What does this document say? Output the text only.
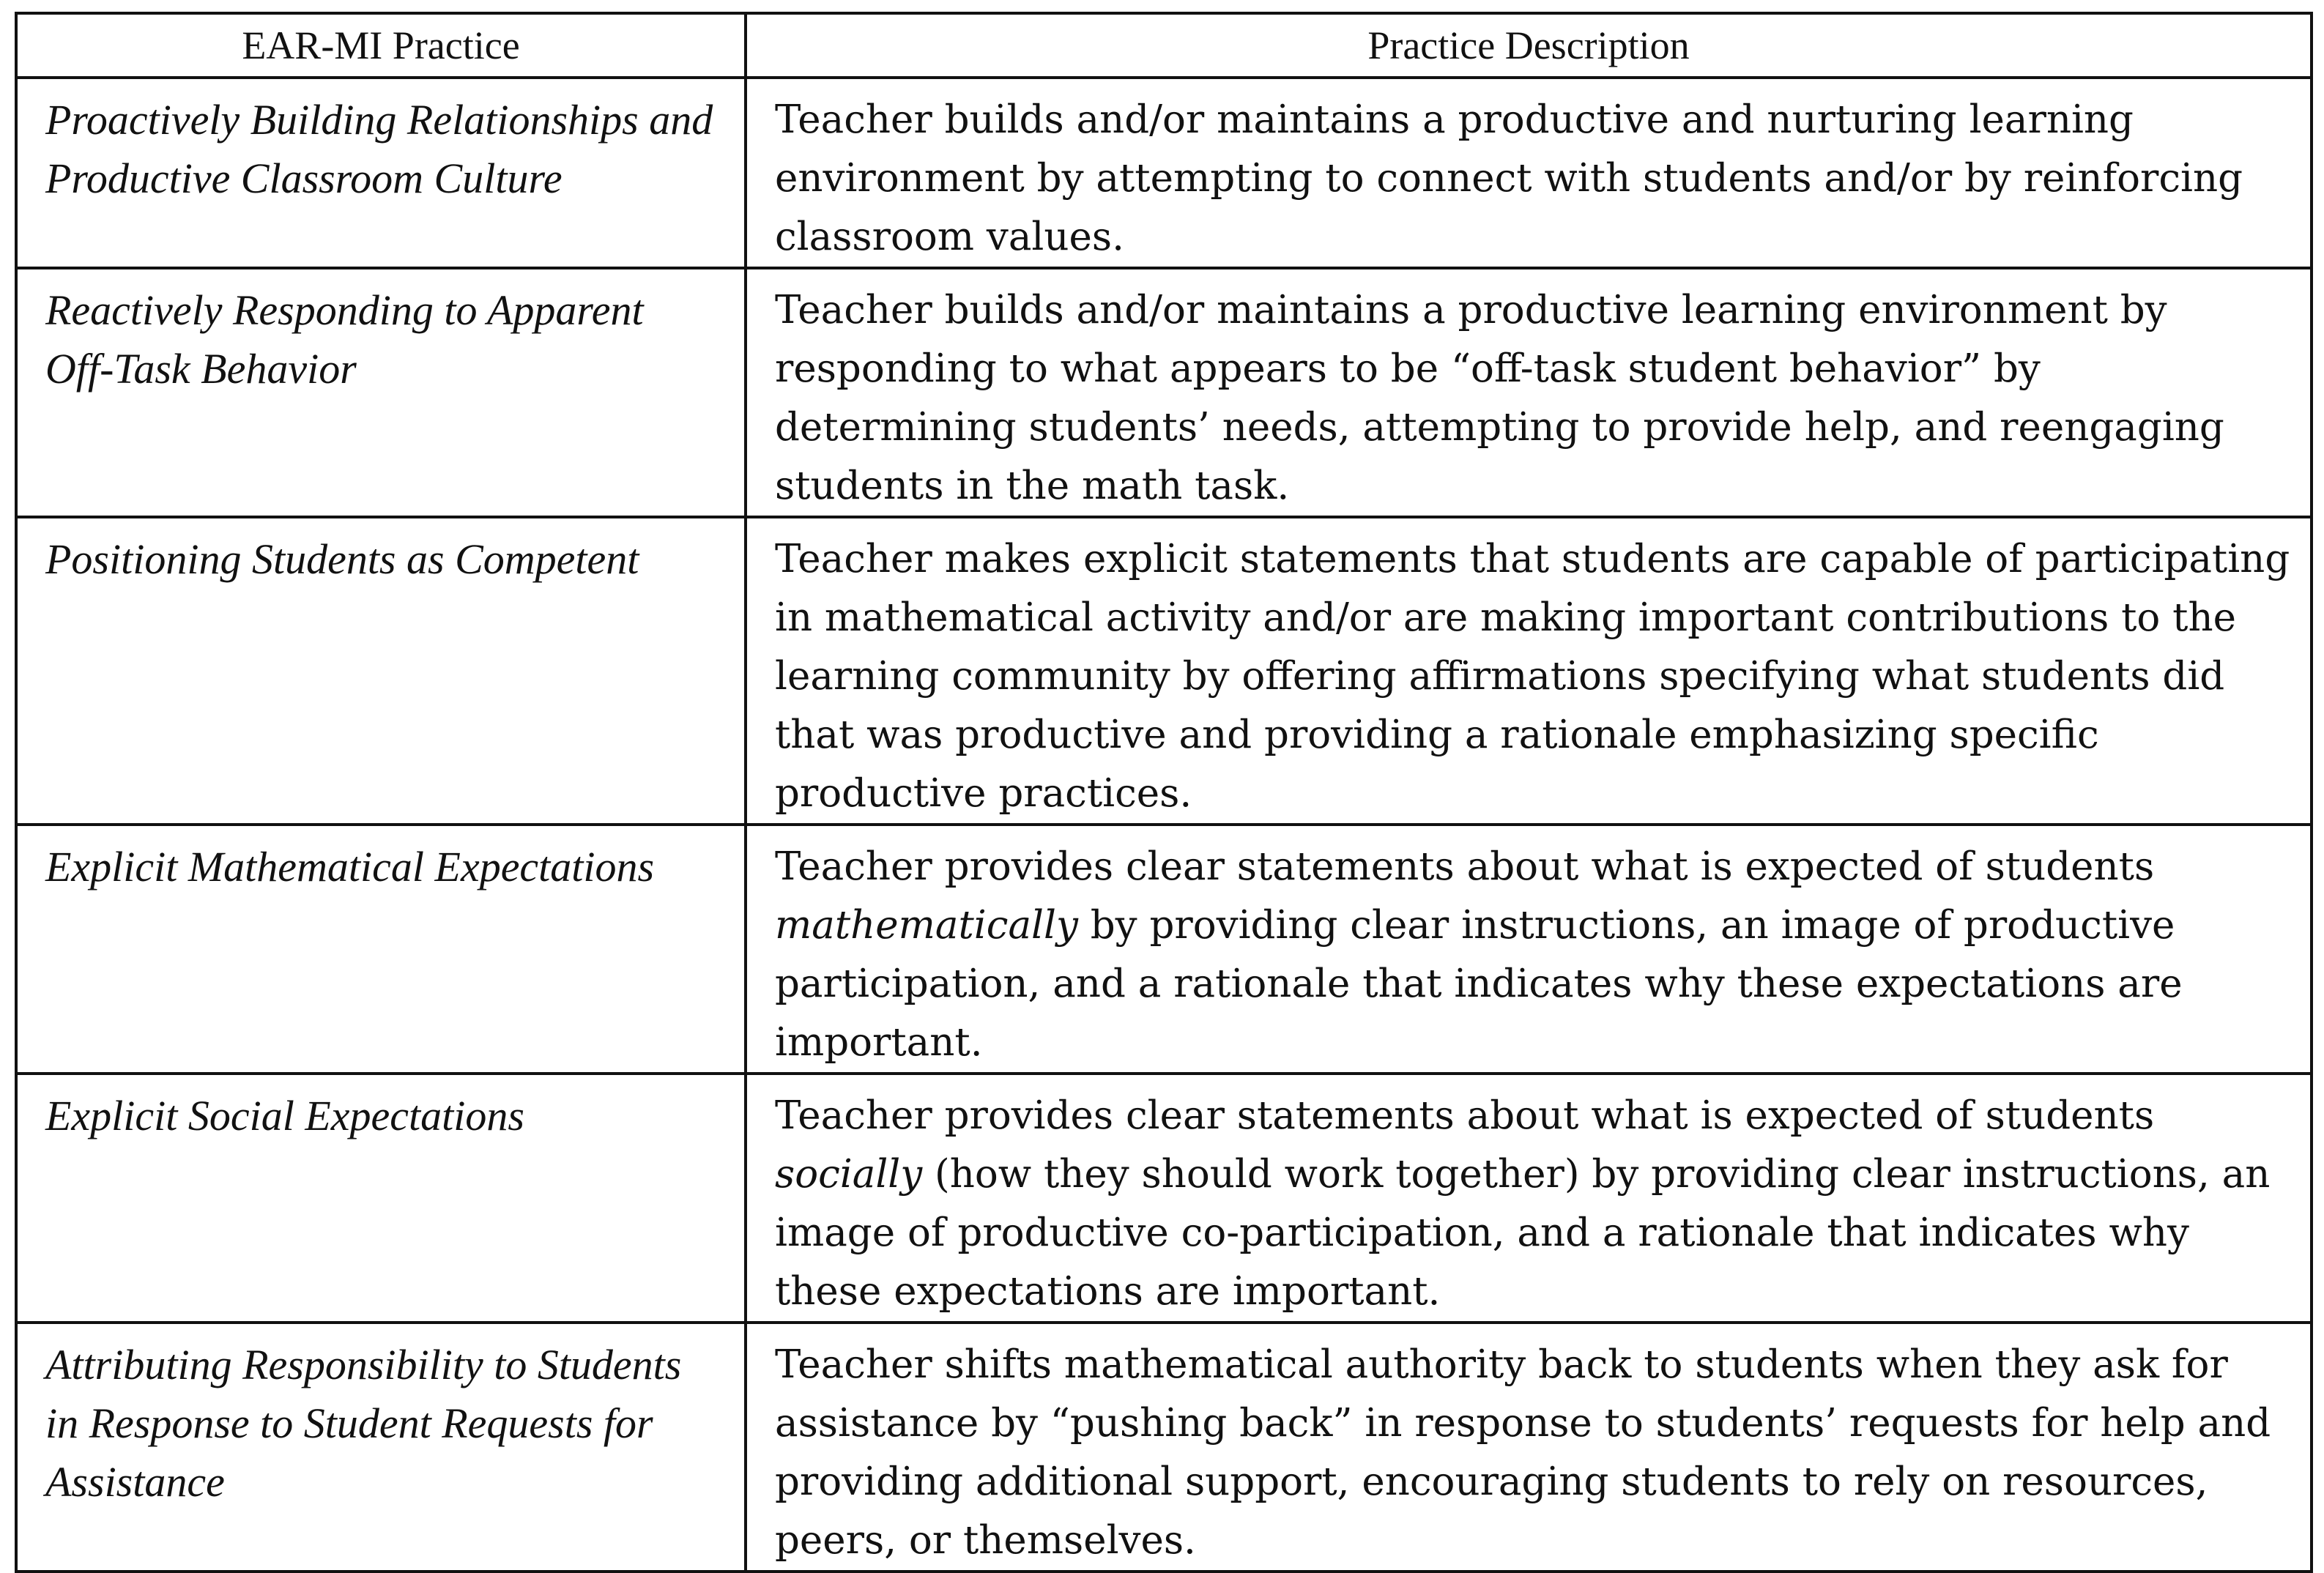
EAR-MI Practice	Practice Description
Proactively Building Relationships and Productive Classroom Culture	Teacher builds and/or maintains a productive and nurturing learning environment by attempting to connect with students and/or by reinforcing classroom values.
Reactively Responding to Apparent Off-Task Behavior	Teacher builds and/or maintains a productive learning environment by responding to what appears to be “off-task student behavior” by determining students’ needs, attempting to provide help, and reengaging students in the math task.
Positioning Students as Competent	Teacher makes explicit statements that students are capable of participating in mathematical activity and/or are making important contributions to the learning community by offering affirmations specifying what students did that was productive and providing a rationale emphasizing specific productive practices.
Explicit Mathematical Expectations	Teacher provides clear statements about what is expected of students mathematically by providing clear instructions, an image of productive participation, and a rationale that indicates why these expectations are important.
Explicit Social Expectations	Teacher provides clear statements about what is expected of students socially (how they should work together) by providing clear instructions, an image of productive co-participation, and a rationale that indicates why these expectations are important.
Attributing Responsibility to Students in Response to Student Requests for Assistance	Teacher shifts mathematical authority back to students when they ask for assistance by “pushing back” in response to students’ requests for help and providing additional support, encouraging students to rely on resources, peers, or themselves.
